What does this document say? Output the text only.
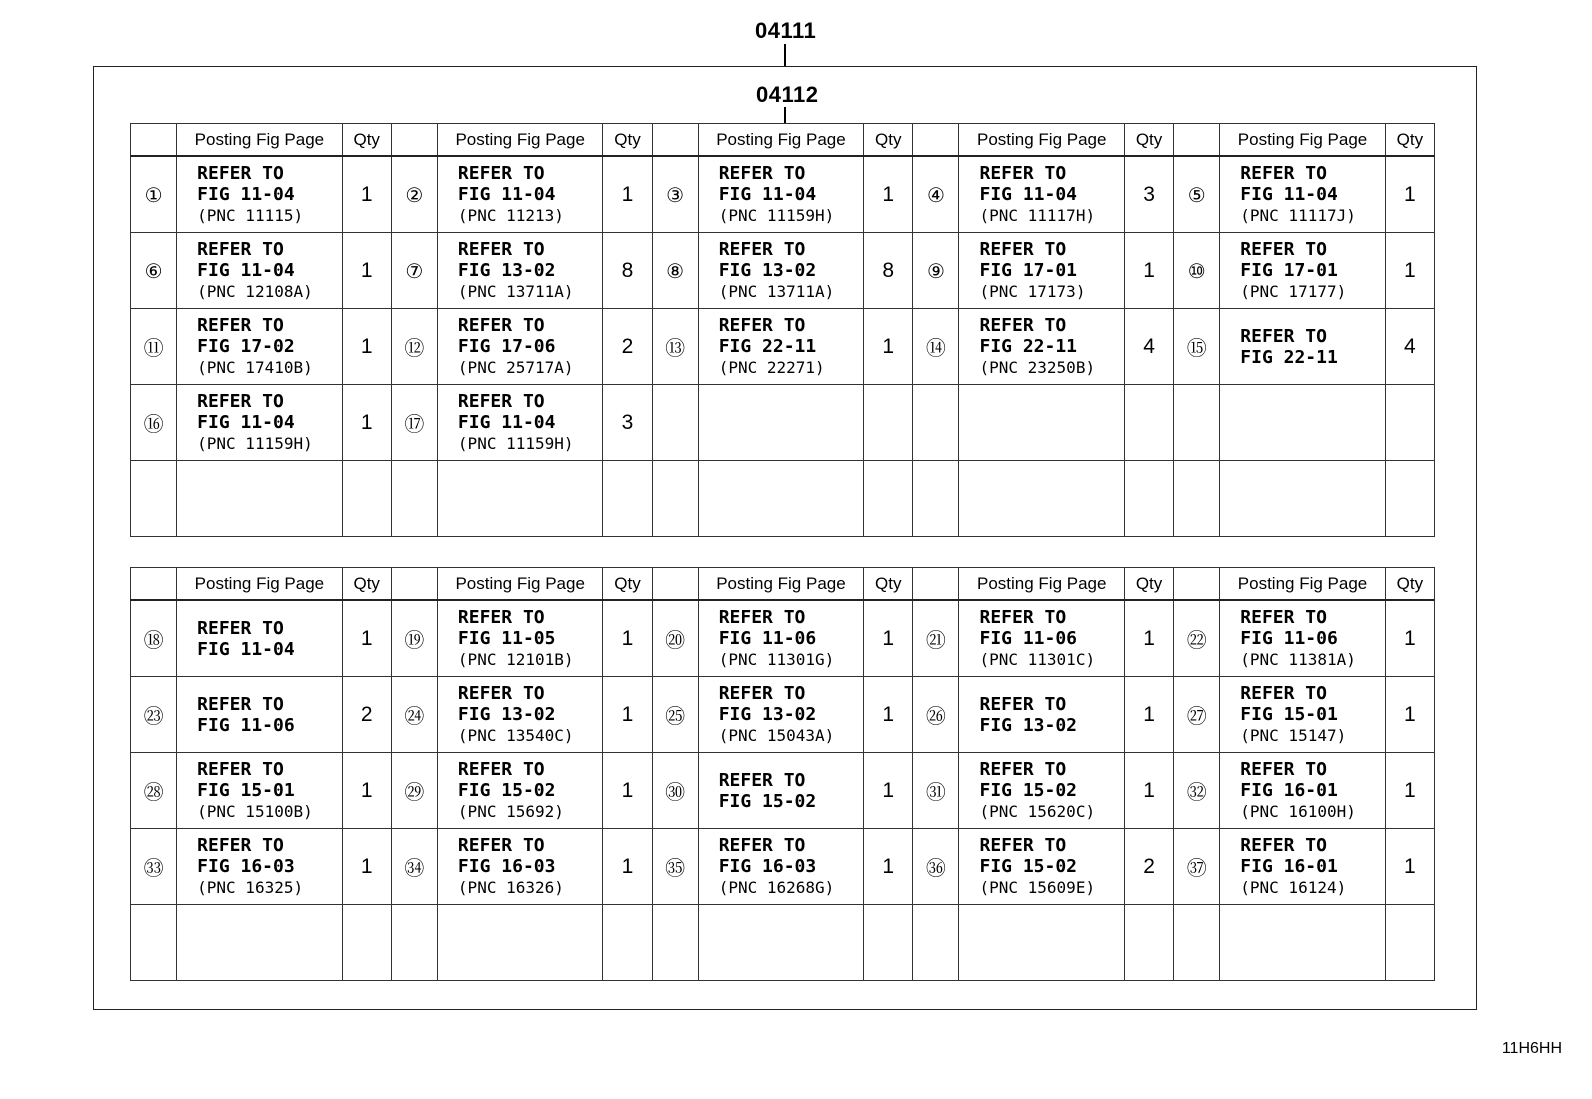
04111
04112
	Posting Fig Page	Qty		Posting Fig Page	Qty		Posting Fig Page	Qty		Posting Fig Page	Qty		Posting Fig Page	Qty
①	REFER TO
FIG 11-04
(PNC 11115)	1	②	REFER TO
FIG 11-04
(PNC 11213)	1	③	REFER TO
FIG 11-04
(PNC 11159H)	1	④	REFER TO
FIG 11-04
(PNC 11117H)	3	⑤	REFER TO
FIG 11-04
(PNC 11117J)	1
⑥	REFER TO
FIG 11-04
(PNC 12108A)	1	⑦	REFER TO
FIG 13-02
(PNC 13711A)	8	⑧	REFER TO
FIG 13-02
(PNC 13711A)	8	⑨	REFER TO
FIG 17-01
(PNC 17173)	1	⑩	REFER TO
FIG 17-01
(PNC 17177)	1
⑪	REFER TO
FIG 17-02
(PNC 17410B)	1	⑫	REFER TO
FIG 17-06
(PNC 25717A)	2	⑬	REFER TO
FIG 22-11
(PNC 22271)	1	⑭	REFER TO
FIG 22-11
(PNC 23250B)	4	⑮	REFER TO
FIG 22-11	4
⑯	REFER TO
FIG 11-04
(PNC 11159H)	1	⑰	REFER TO
FIG 11-04
(PNC 11159H)	3		

	Posting Fig Page	Qty		Posting Fig Page	Qty		Posting Fig Page	Qty		Posting Fig Page	Qty		Posting Fig Page	Qty
⑱	REFER TO
FIG 11-04	1	⑲	REFER TO
FIG 11-05
(PNC 12101B)	1	⑳	REFER TO
FIG 11-06
(PNC 11301G)	1	㉑	REFER TO
FIG 11-06
(PNC 11301C)	1	㉒	REFER TO
FIG 11-06
(PNC 11381A)	1
㉓	REFER TO
FIG 11-06	2	㉔	REFER TO
FIG 13-02
(PNC 13540C)	1	㉕	REFER TO
FIG 13-02
(PNC 15043A)	1	㉖	REFER TO
FIG 13-02	1	㉗	REFER TO
FIG 15-01
(PNC 15147)	1
㉘	REFER TO
FIG 15-01
(PNC 15100B)	1	㉙	REFER TO
FIG 15-02
(PNC 15692)	1	㉚	REFER TO
FIG 15-02	1	㉛	REFER TO
FIG 15-02
(PNC 15620C)	1	㉜	REFER TO
FIG 16-01
(PNC 16100H)	1
㉝	REFER TO
FIG 16-03
(PNC 16325)	1	㉞	REFER TO
FIG 16-03
(PNC 16326)	1	㉟	REFER TO
FIG 16-03
(PNC 16268G)	1	㊱	REFER TO
FIG 15-02
(PNC 15609E)	2	㊲	REFER TO
FIG 16-01
(PNC 16124)	1

11H6HH
